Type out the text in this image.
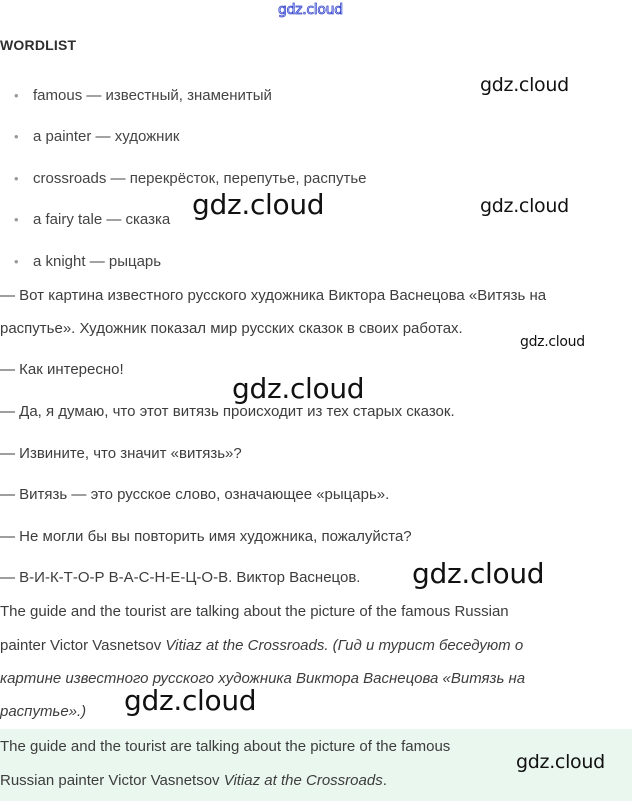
gdz.cloud
WORDLIST
• famous — известный, знаменитый
• a painter — художник
• crossroads — перекрёсток, перепутье, распутье
• a fairy tale — сказка
• a knight — рыцарь
— Вот картина известного русского художника Виктора Васнецова «Витязь на
распутье». Художник показал мир русских сказок в своих работах.
— Как интересно!
— Да, я думаю, что этот витязь происходит из тех старых сказок.
— Извините, что значит «витязь»?
— Витязь — это русское слово, означающее «рыцарь».
— Не могли бы вы повторить имя художника, пожалуйста?
— В-И-К-Т-О-Р В-А-С-Н-Е-Ц-О-В. Виктор Васнецов.
The guide and the tourist are talking about the picture of the famous Russian
painter Victor Vasnetsov Vitiaz at the Crossroads. (Гид и турист беседуют о
картине известного русского художника Виктора Васнецова «Витязь на
распутье».)
The guide and the tourist are talking about the picture of the famous
Russian painter Victor Vasnetsov Vitiaz at the Crossroads.
gdz.cloud
gdz.cloud	gdz.cloud
gdz.cloud
gdz.cloud
gdz.cloud
gdz.cloud
gdz.cloud
